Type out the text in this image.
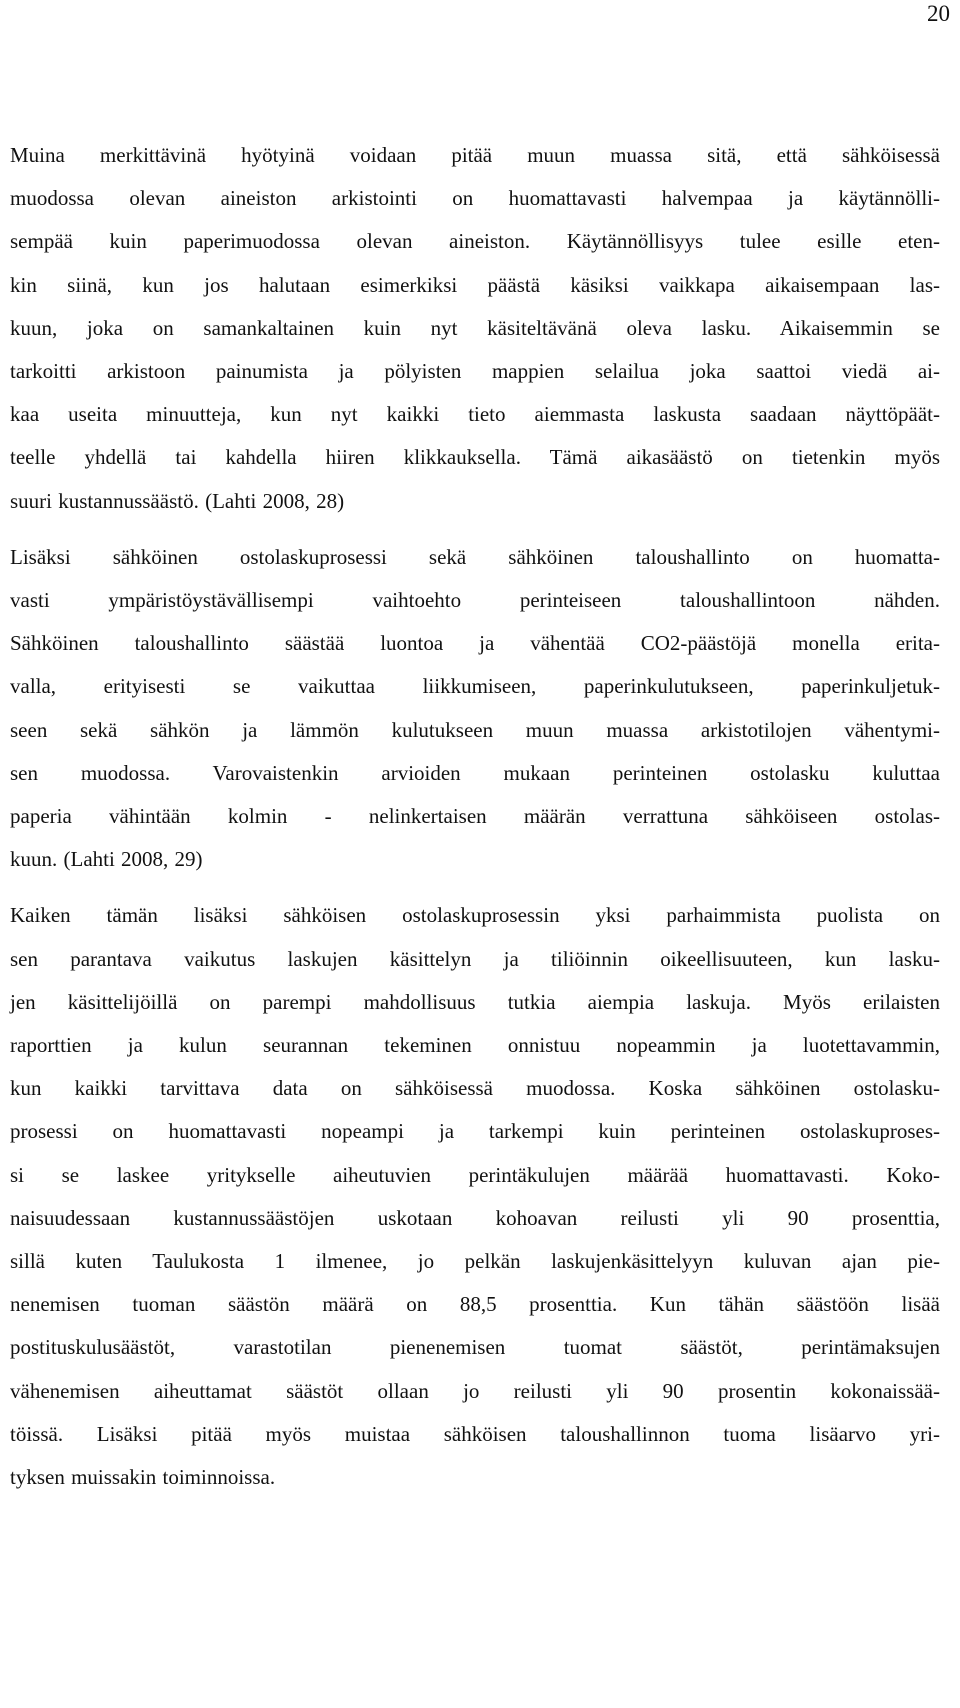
20

Muina merkittävinä hyötyinä voidaan pitää muun muassa sitä, että sähköisessä
muodossa olevan aineiston arkistointi on huomattavasti halvempaa ja käytännölli-
sempää kuin paperimuodossa olevan aineiston. Käytännöllisyys tulee esille eten-
kin siinä, kun jos halutaan esimerkiksi päästä käsiksi vaikkapa aikaisempaan las-
kuun, joka on samankaltainen kuin nyt käsiteltävänä oleva lasku. Aikaisemmin se
tarkoitti arkistoon painumista ja pölyisten mappien selailua joka saattoi viedä ai-
kaa useita minuutteja, kun nyt kaikki tieto aiemmasta laskusta saadaan näyttöpäät-
teelle yhdellä tai kahdella hiiren klikkauksella. Tämä aikasäästö on tietenkin myös
suuri kustannussäästö. (Lahti 2008, 28)

Lisäksi sähköinen ostolaskuprosessi sekä sähköinen taloushallinto on huomatta-
vasti ympäristöystävällisempi vaihtoehto perinteiseen taloushallintoon nähden.
Sähköinen taloushallinto säästää luontoa ja vähentää CO2-päästöjä monella erita-
valla, erityisesti se vaikuttaa liikkumiseen, paperinkulutukseen, paperinkuljetuk-
seen sekä sähkön ja lämmön kulutukseen muun muassa arkistotilojen vähentymi-
sen muodossa. Varovaistenkin arvioiden mukaan perinteinen ostolasku kuluttaa
paperia vähintään kolmin - nelinkertaisen määrän verrattuna sähköiseen ostolas-
kuun. (Lahti 2008, 29)

Kaiken tämän lisäksi sähköisen ostolaskuprosessin yksi parhaimmista puolista on
sen parantava vaikutus laskujen käsittelyn ja tiliöinnin oikeellisuuteen, kun lasku-
jen käsittelijöillä on parempi mahdollisuus tutkia aiempia laskuja. Myös erilaisten
raporttien ja kulun seurannan tekeminen onnistuu nopeammin ja luotettavammin,
kun kaikki tarvittava data on sähköisessä muodossa. Koska sähköinen ostolasku-
prosessi on huomattavasti nopeampi ja tarkempi kuin perinteinen ostolaskuproses-
si se laskee yritykselle aiheutuvien perintäkulujen määrää huomattavasti. Koko-
naisuudessaan kustannussäästöjen uskotaan kohoavan reilusti yli 90 prosenttia,
sillä kuten Taulukosta 1 ilmenee, jo pelkän laskujenkäsittelyyn kuluvan ajan pie-
nenemisen tuoman säästön määrä on 88,5 prosenttia. Kun tähän säästöön lisää
postituskulusäästöt, varastotilan pienenemisen tuomat säästöt, perintämaksujen
vähenemisen aiheuttamat säästöt ollaan jo reilusti yli 90 prosentin kokonaissää-
töissä. Lisäksi pitää myös muistaa sähköisen taloushallinnon tuoma lisäarvo yri-
tyksen muissakin toiminnoissa.
